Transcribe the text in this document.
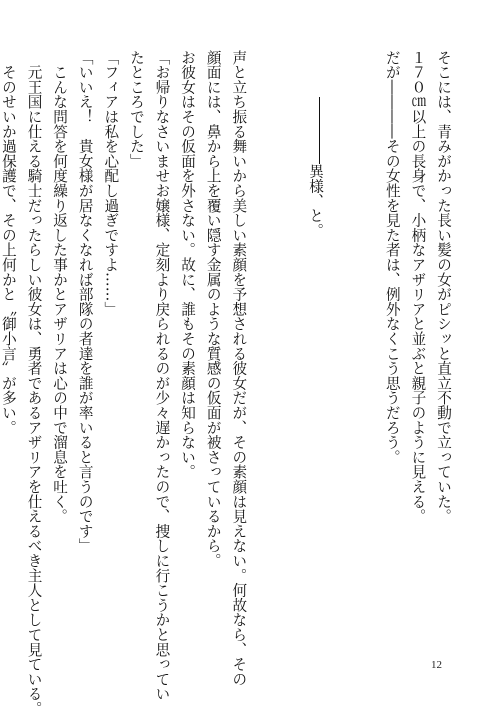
そこには、青みがかった長い髪の女がピシッと直立不動で立っていた。
１７０㎝以上の長身で、小柄なアザリアと並ぶと親子のように見える。
だが――――その女性を見た者は、例外なくこう思うだろう。

異様、と。

声と立ち振る舞いから美しい素顔を予想される彼女だが、その素顔は見えない。何故なら、その
顔面には、鼻から上を覆い隠す金属のような質感の仮面が被さっているから。
お彼女はその仮面を外さない。故に、誰もその素顔は知らない。
「お帰りなさいませお嬢様、定刻より戻られるのが少々遅かったので、捜しに行こうかと思ってい
たところでした」
「フィアは私を心配し過ぎですよ……」
「いいえ！　貴女様が居なくなれば部隊の者達を誰が率いると言うのです」
　こんな問答を何度繰り返した事かとアザリアは心の中で溜息を吐く。
　元王国に仕える騎士だったらしい彼女は、勇者であるアザリアを仕えるべき主人として見ている。
　そのせいか過保護で、その上何かと〝御小言〟が多い。
12
